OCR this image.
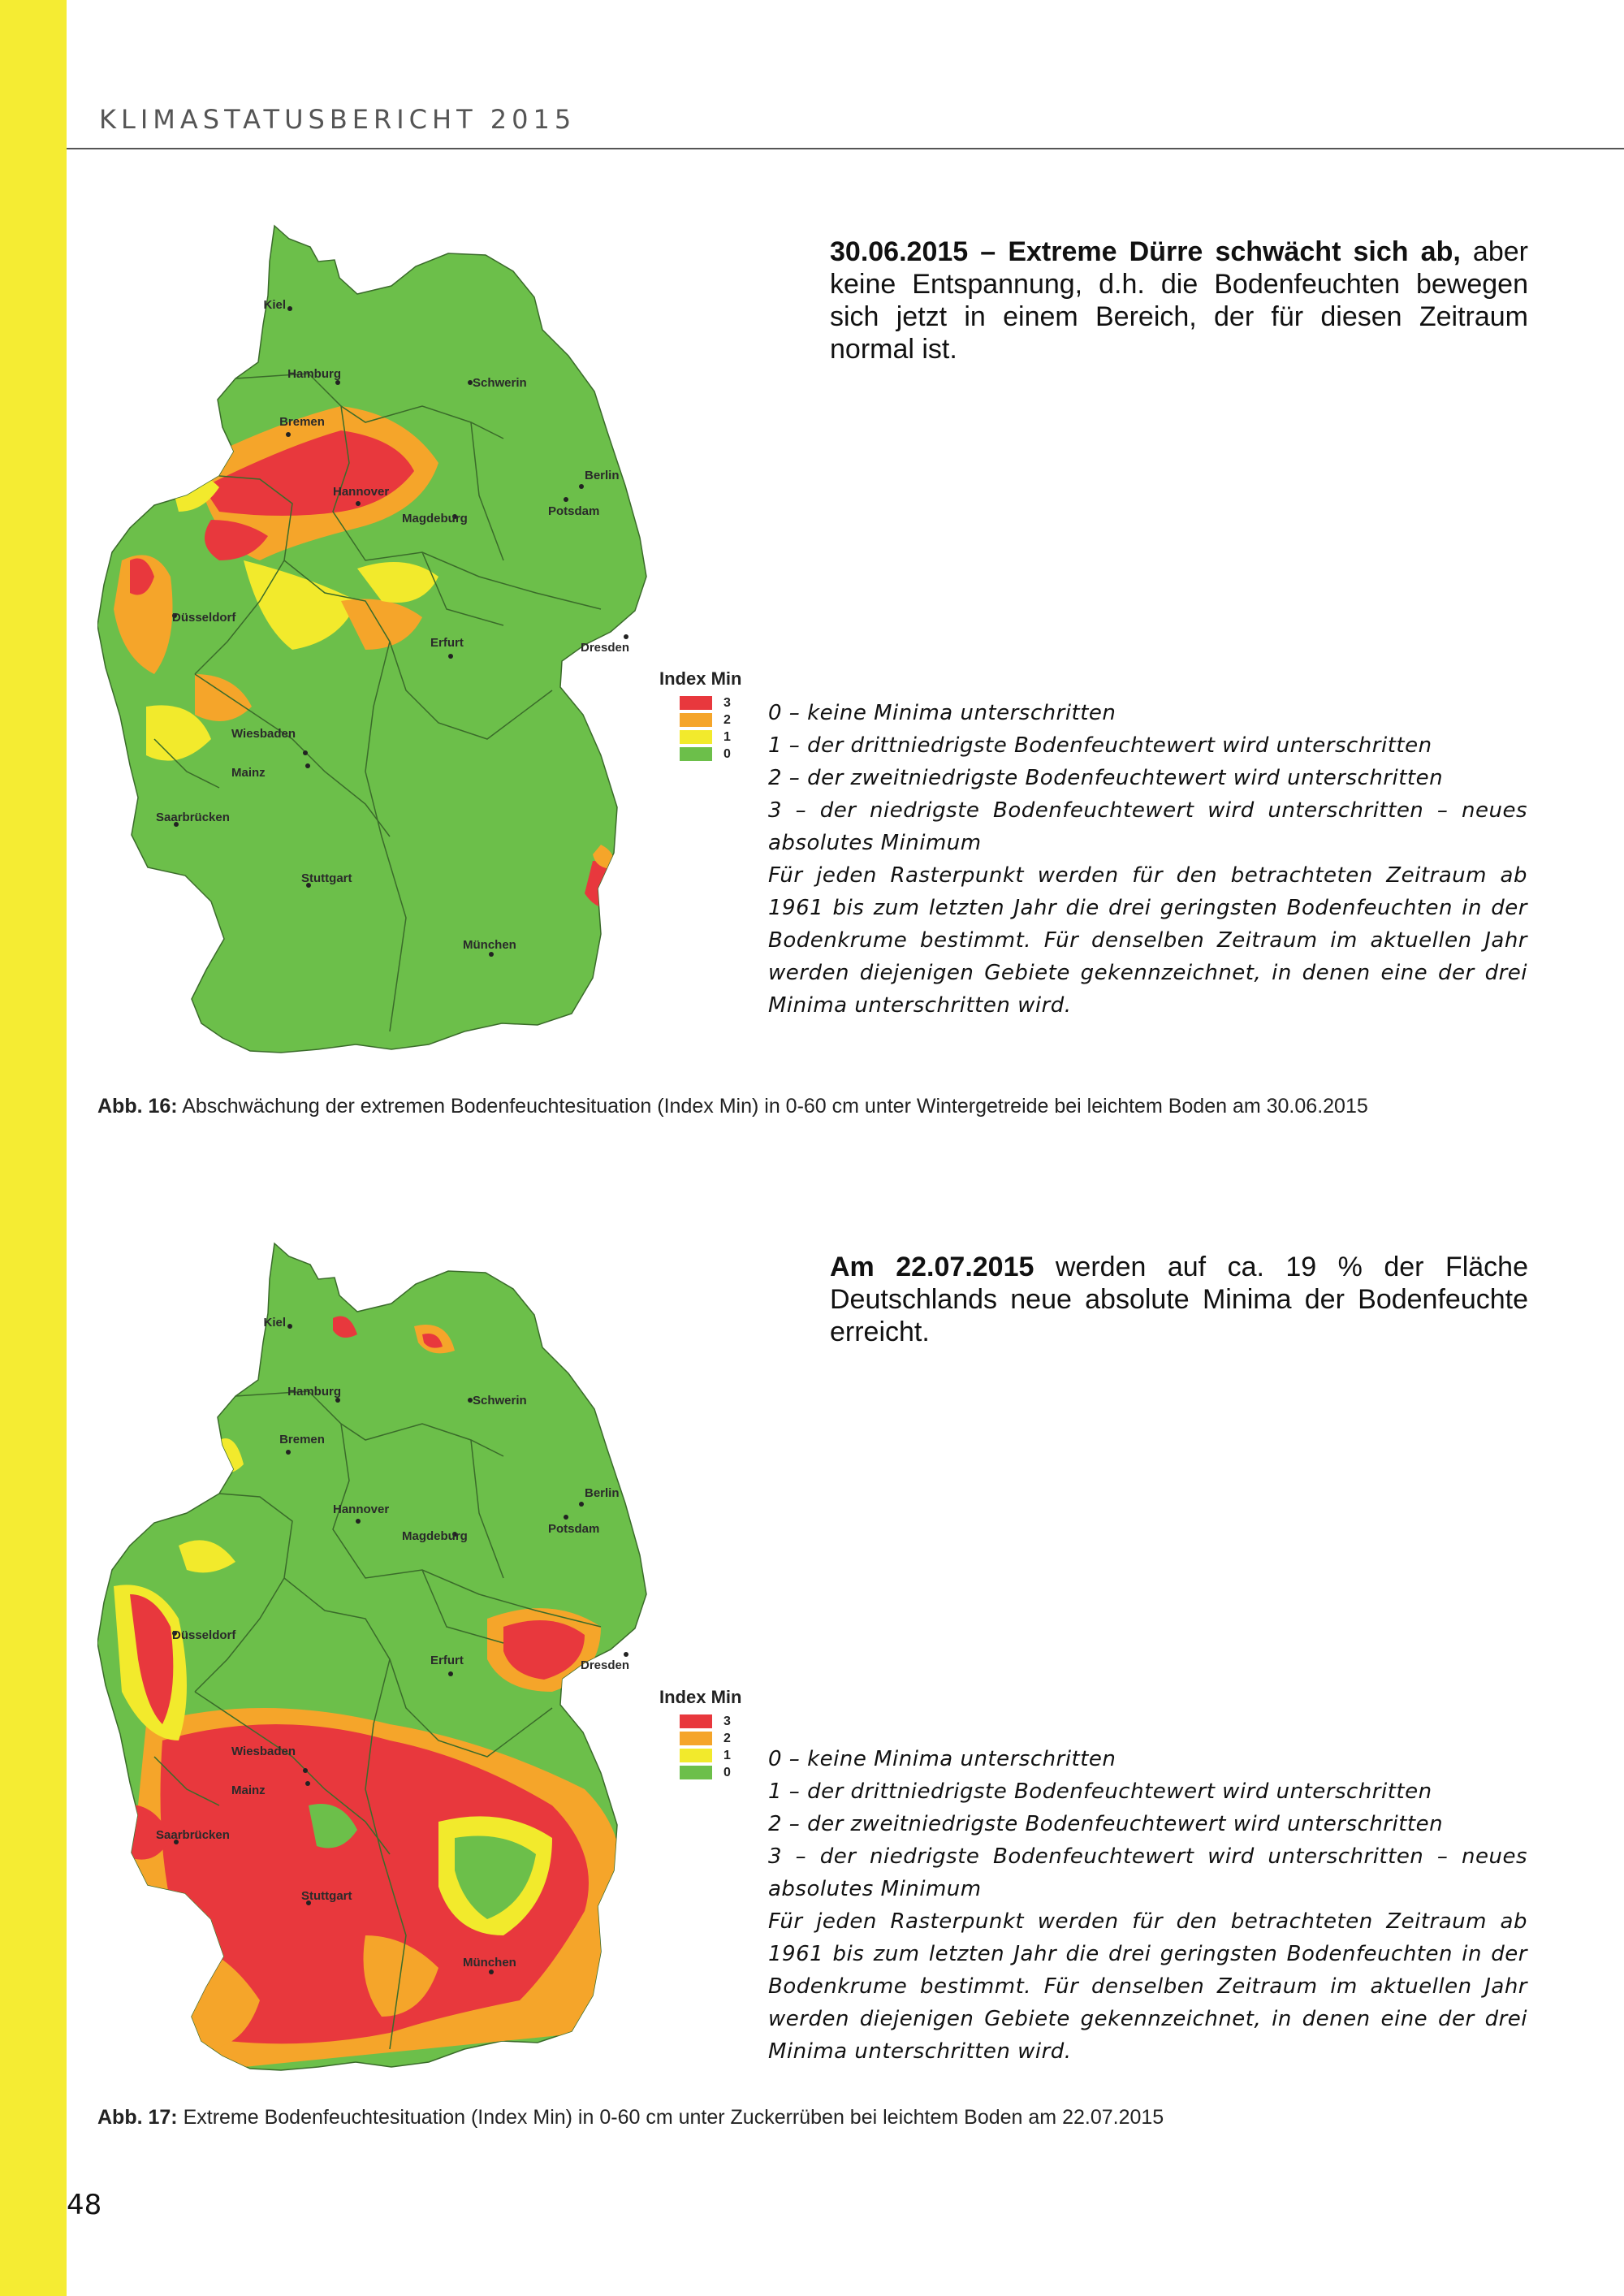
KLIMASTATUSBERICHT 2015
Kiel
Hamburg
Schwerin
Bremen
Berlin
Hannover
Potsdam
Magdeburg
Düsseldorf
Erfurt	Dresden
Wiesbaden
Mainz
Saarbrücken
Stuttgart
München
30.06.2015 – Extreme Dürre schwächt sich ab, aber keine Entspannung, d.h. die Bodenfeuchten bewegen sich jetzt in einem Bereich, der für diesen Zeitraum normal ist.
Index Min
3
2
1
0

0 – keine Minima unterschritten

1 – der drittniedrigste Bodenfeuchtewert wird unterschritten

2 – der zweitniedrigste Bodenfeuchtewert wird unterschritten

3 – der niedrigste Bodenfeuchtewert wird unterschritten – neues absolutes Minimum

Für jeden Rasterpunkt werden für den betrachteten Zeitraum ab 1961 bis zum letzten Jahr die drei geringsten Bodenfeuchten in der Bodenkrume bestimmt. Für denselben Zeitraum im aktuellen Jahr werden diejenigen Gebiete gekennzeichnet, in denen eine der drei Minima unterschritten wird.

Abb. 16: Abschwächung der extremen Bodenfeuchtesituation (Index Min) in 0-60 cm unter Wintergetreide bei leichtem Boden am 30.06.2015
Kiel
Hamburg
Schwerin
Bremen
Berlin
Hannover
Potsdam
Magdeburg
Düsseldorf
Erfurt	Dresden
Wiesbaden
Mainz
Saarbrücken
Stuttgart
München
Am 22.07.2015 werden auf ca. 19 % der Fläche Deutschlands neue absolute Minima der Bodenfeuchte erreicht.
Index Min
3
2
1
0

0 – keine Minima unterschritten

1 – der drittniedrigste Bodenfeuchtewert wird unterschritten

2 – der zweitniedrigste Bodenfeuchtewert wird unterschritten

3 – der niedrigste Bodenfeuchtewert wird unterschritten – neues absolutes Minimum

Für jeden Rasterpunkt werden für den betrachteten Zeitraum ab 1961 bis zum letzten Jahr die drei geringsten Bodenfeuchten in der Bodenkrume bestimmt. Für denselben Zeitraum im aktuellen Jahr werden diejenigen Gebiete gekennzeichnet, in denen eine der drei Minima unterschritten wird.

Abb. 17: Extreme Bodenfeuchtesituation (Index Min) in 0-60 cm unter Zuckerrüben bei leichtem Boden am 22.07.2015
48
